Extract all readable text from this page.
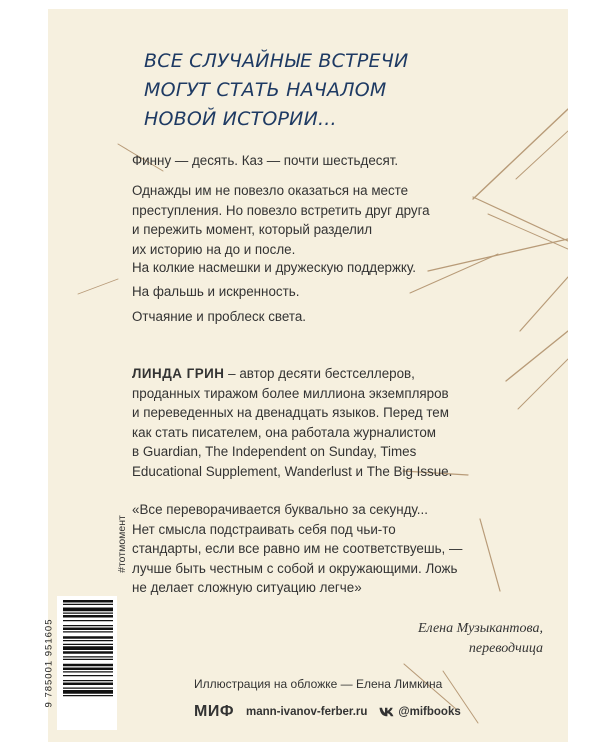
ВСЕ СЛУЧАЙНЫЕ ВСТРЕЧИ
МОГУТ СТАТЬ НАЧАЛОМ
НОВОЙ ИСТОРИИ...

Финну — десять. Каз — почти шестьдесят.

Однажды им не повезло оказаться на месте
преступления. Но повезло встретить друг друга
и пережить момент, который разделил
их историю на до и после.

На колкие насмешки и дружескую поддержку.

На фальшь и искренность.

Отчаяние и проблеск света.

ЛИНДА ГРИН – автор десяти бестселлеров,
проданных тиражом более миллиона экземпляров
и переведенных на двенадцать языков. Перед тем
как стать писателем, она работала журналистом
в Guardian, The Independent on Sunday, Times
Educational Supplement, Wanderlust и The Big Issue.

«Все переворачивается буквально за секунду...
Нет смысла подстраивать себя под чьи-то
стандарты, если все равно им не соответствуешь, —
лучше быть честным с собой и окружающими. Ложь
не делает сложную ситуацию легче»

Елена Музыкантова,
переводчица
Иллюстрация на обложке — Елена Лимкина
МИФ mann-ivanov-ferber.ru	@mifbooks
#тотмомент
9 785001 951605
